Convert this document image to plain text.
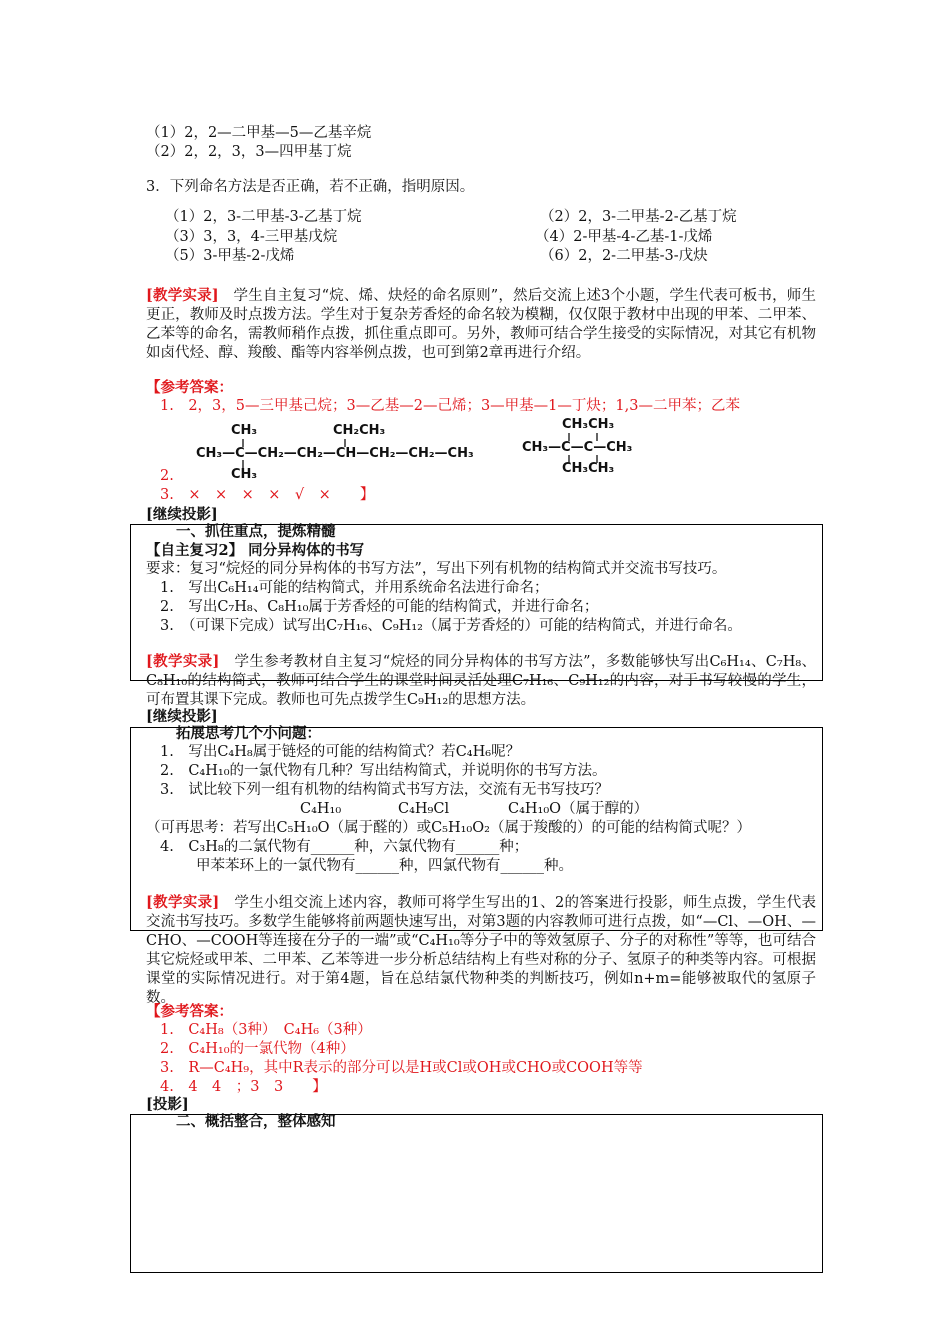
（1）2，2—二甲基—5—乙基辛烷
（2）2，2，3，3—四甲基丁烷
3．下列命名方法是否正确，若不正确，指明原因。
（1）2，3-二甲基-3-乙基丁烷	（2）2，3-二甲基-2-乙基丁烷
（3）3，3，4-三甲基戊烷	（4）2-甲基-4-乙基-1-戊烯
（5）3-甲基-2-戊烯	（6）2，2-二甲基-3-戊炔
[教学实录]　 学生自主复习“烷、烯、炔烃的命名原则”，然后交流上述3个小题，学生代表可板书，师生更正，教师及时点拨方法。学生对于复杂芳香烃的命名较为模糊，仅仅限于教材中出现的甲苯、二甲苯、乙苯等的命名，需教师稍作点拨，抓住重点即可。另外，教师可结合学生接受的实际情况，对其它有机物如卤代烃、醇、羧酸、酯等内容举例点拨，也可到第2章再进行介绍。
【参考答案：
1.　2，3，5—三甲基己烷；3—乙基—2—己烯；3—甲基—1—丁炔；1,3—二甲苯；乙苯
CH₃	CH₂CH₃
CH₃—C—CH₂—CH₂—CH—CH₂—CH₂—CH₃
CH₃
CH₃CH₃
CH₃—C—C—CH₃
CH₃CH₃
2.
3.　×　×　×　×　√　×　　】
[继续投影]
一、抓住重点，提炼精髓
【自主复习2】 同分异构体的书写
要求：复习“烷烃的同分异构体的书写方法”，写出下列有机物的结构简式并交流书写技巧。
1.　写出C₆H₁₄可能的结构简式，并用系统命名法进行命名；
2.　写出C₇H₈、C₈H₁₀属于芳香烃的可能的结构简式，并进行命名；
3.　（可课下完成）试写出C₇H₁₆、C₉H₁₂（属于芳香烃的）可能的结构简式，并进行命名。
[教学实录]　 学生参考教材自主复习“烷烃的同分异构体的书写方法”，多数能够快写出C₆H₁₄、C₇H₈、C₈H₁₀的结构简式，教师可结合学生的课堂时间灵活处理C₇H₁₆、C₉H₁₂的内容，对于书写较慢的学生，可布置其课下完成。教师也可先点拨学生C₉H₁₂的思想方法。
[继续投影]
拓展思考几个小问题：
1.　写出C₄H₈属于链烃的可能的结构简式？若C₄H₆呢？
2.　C₄H₁₀的一氯代物有几种？写出结构简式，并说明你的书写方法。
3.　试比较下列一组有机物的结构简式书写方法，交流有无书写技巧？
C₄H₁₀	C₄H₉Cl	C₄H₁₀O（属于醇的）
（可再思考：若写出C₅H₁₀O（属于醛的）或C₅H₁₀O₂（属于羧酸的）的可能的结构简式呢？）
4.　C₃H₈的二氯代物有______种，六氯代物有______种；
甲苯苯环上的一氯代物有______种，四氯代物有______种。
[教学实录]　 学生小组交流上述内容，教师可将学生写出的1、2的答案进行投影，师生点拨，学生代表交流书写技巧。多数学生能够将前两题快速写出，对第3题的内容教师可进行点拨，如“—Cl、—OH、—CHO、—COOH等连接在分子的一端”或“C₄H₁₀等分子中的等效氢原子、分子的对称性”等等，也可结合其它烷烃或甲苯、二甲苯、乙苯等进一步分析总结结构上有些对称的分子、氢原子的种类等内容。可根据课堂的实际情况进行。对于第4题，旨在总结氯代物种类的判断技巧，例如n+m=能够被取代的氢原子数。
【参考答案：
1.　C₄H₈（3种）　C₄H₆（3种）
2.　C₄H₁₀的一氯代物（4种）
3.　R—C₄H₉，其中R表示的部分可以是H或Cl或OH或CHO或COOH等等
4.　4　4　；3　3　　】
[投影]
二、概括整合，整体感知
